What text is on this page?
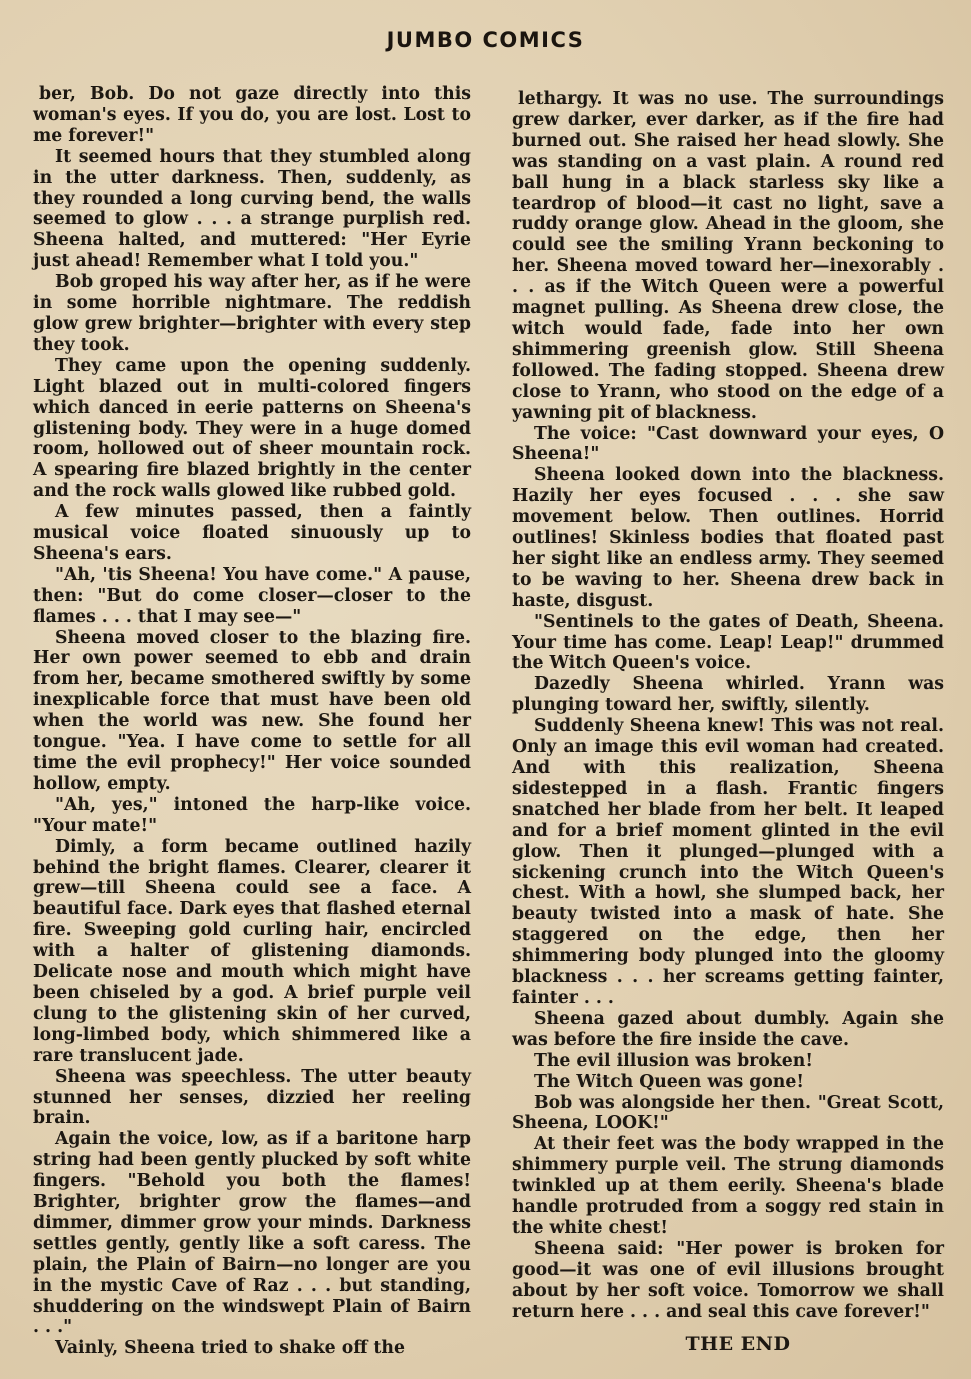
JUMBO COMICS

ber, Bob. Do not gaze directly into this woman's eyes. If you do, you are lost. Lost to me forever!"

It seemed hours that they stumbled along in the utter darkness. Then, suddenly, as they rounded a long curving bend, the walls seemed to glow . . . a strange purplish red. Sheena halted, and muttered: "Her Eyrie just ahead! Remember what I told you."

Bob groped his way after her, as if he were in some horrible nightmare. The reddish glow grew brighter—brighter with every step they took.

They came upon the opening suddenly. Light blazed out in multi-colored fingers which danced in eerie patterns on Sheena's glistening body. They were in a huge domed room, hollowed out of sheer mountain rock. A spearing fire blazed brightly in the center and the rock walls glowed like rubbed gold.

A few minutes passed, then a faintly musical voice floated sinuously up to Sheena's ears.

"Ah, 'tis Sheena! You have come." A pause, then: "But do come closer—closer to the flames . . . that I may see—"

Sheena moved closer to the blazing fire. Her own power seemed to ebb and drain from her, became smothered swiftly by some inexplicable force that must have been old when the world was new. She found her tongue. "Yea. I have come to settle for all time the evil prophecy!" Her voice sounded hollow, empty.

"Ah, yes," intoned the harp-like voice. "Your mate!"

Dimly, a form became outlined hazily behind the bright flames. Clearer, clearer it grew—till Sheena could see a face. A beautiful face. Dark eyes that flashed eternal fire. Sweeping gold curling hair, encircled with a halter of glistening diamonds. Delicate nose and mouth which might have been chiseled by a god. A brief purple veil clung to the glistening skin of her curved, long-limbed body, which shimmered like a rare translucent jade.

Sheena was speechless. The utter beauty stunned her senses, dizzied her reeling brain.

Again the voice, low, as if a baritone harp string had been gently plucked by soft white fingers. "Behold you both the flames! Brighter, brighter grow the flames—and dimmer, dimmer grow your minds. Darkness settles gently, gently like a soft caress. The plain, the Plain of Bairn—no longer are you in the mystic Cave of Raz . . . but standing, shuddering on the windswept Plain of Bairn . . ."

Vainly, Sheena tried to shake off the

lethargy. It was no use. The surroundings grew darker, ever darker, as if the fire had burned out. She raised her head slowly. She was standing on a vast plain. A round red ball hung in a black starless sky like a teardrop of blood—it cast no light, save a ruddy orange glow. Ahead in the gloom, she could see the smiling Yrann beckoning to her. Sheena moved toward her—inexorably . . . as if the Witch Queen were a powerful magnet pulling. As Sheena drew close, the witch would fade, fade into her own shimmering greenish glow. Still Sheena followed. The fading stopped. Sheena drew close to Yrann, who stood on the edge of a yawning pit of blackness.

The voice: "Cast downward your eyes, O Sheena!"

Sheena looked down into the blackness. Hazily her eyes focused . . . she saw movement below. Then outlines. Horrid outlines! Skinless bodies that floated past her sight like an endless army. They seemed to be waving to her. Sheena drew back in haste, disgust.

"Sentinels to the gates of Death, Sheena. Your time has come. Leap! Leap!" drummed the Witch Queen's voice.

Dazedly Sheena whirled. Yrann was plunging toward her, swiftly, silently.

Suddenly Sheena knew! This was not real. Only an image this evil woman had created. And with this realization, Sheena sidestepped in a flash. Frantic fingers snatched her blade from her belt. It leaped and for a brief moment glinted in the evil glow. Then it plunged—plunged with a sickening crunch into the Witch Queen's chest. With a howl, she slumped back, her beauty twisted into a mask of hate. She staggered on the edge, then her shimmering body plunged into the gloomy blackness . . . her screams getting fainter, fainter . . .

Sheena gazed about dumbly. Again she was before the fire inside the cave.

The evil illusion was broken!

The Witch Queen was gone!

Bob was alongside her then. "Great Scott, Sheena, LOOK!"

At their feet was the body wrapped in the shimmery purple veil. The strung diamonds twinkled up at them eerily. Sheena's blade handle protruded from a soggy red stain in the white chest!

Sheena said: "Her power is broken for good—it was one of evil illusions brought about by her soft voice. Tomorrow we shall return here . . . and seal this cave forever!"

THE END
